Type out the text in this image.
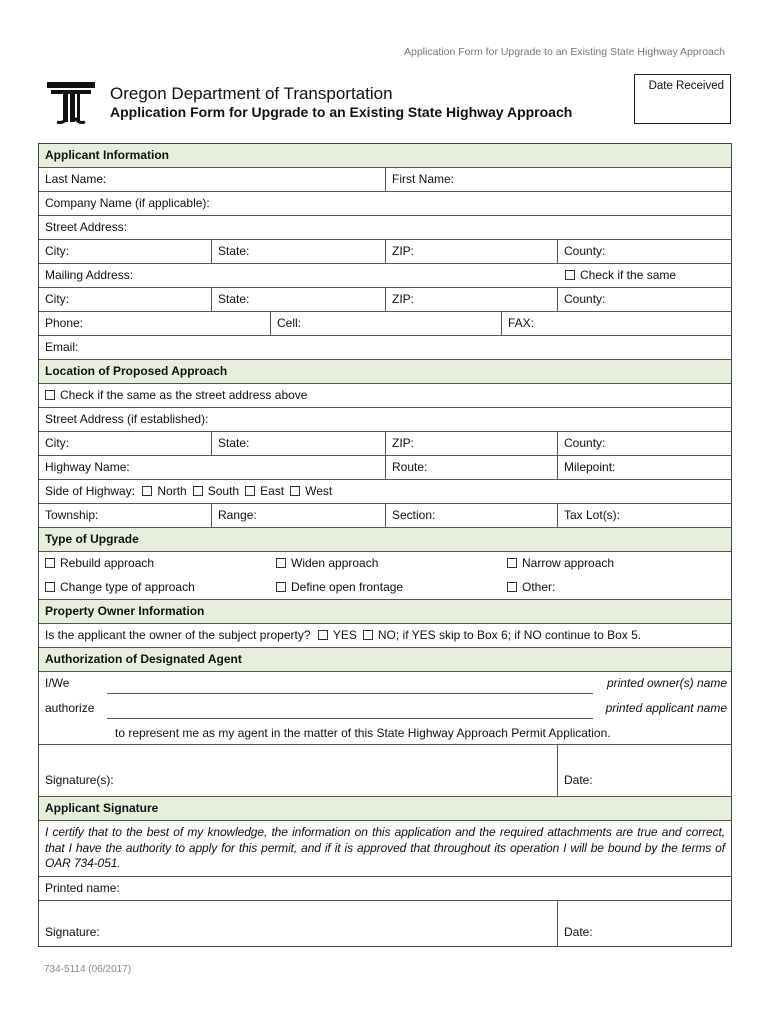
Application Form for Upgrade to an Existing State Highway Approach
Oregon Department of Transportation
Application Form for Upgrade to an Existing State Highway Approach
Date Received
Applicant Information
Last Name:	First Name:
Company Name (if applicable):
Street Address:
City:	State:	ZIP:	County:
Mailing Address:	Check if the same
City:	State:	ZIP:	County:
Phone:	Cell:	FAX:
Email:
Location of Proposed Approach
Check if the same as the street address above
Street Address (if established):
City:	State:	ZIP:	County:
Highway Name:	Route:	Milepoint:
Side of Highway: North South East West
Township:	Range:	Section:	Tax Lot(s):
Type of Upgrade
Rebuild approach	Widen approach	Narrow approach
Change type of approach	Define open frontage	Other:
Property Owner Information
Is the applicant the owner of the subject property? YES NO; if YES skip to Box 6; if NO continue to Box 5.
Authorization of Designated Agent
I/We	printed owner(s) name
authorize	printed applicant name
to represent me as my agent in the matter of this State Highway Approach Permit Application.
Signature(s):	Date:
Applicant Signature
I certify that to the best of my knowledge, the information on this application and the required attachments are true and correct, that I have the authority to apply for this permit, and if it is approved that throughout its operation I will be bound by the terms of OAR 734-051.
Printed name:
Signature:	Date:
734-5114 (06/2017)
